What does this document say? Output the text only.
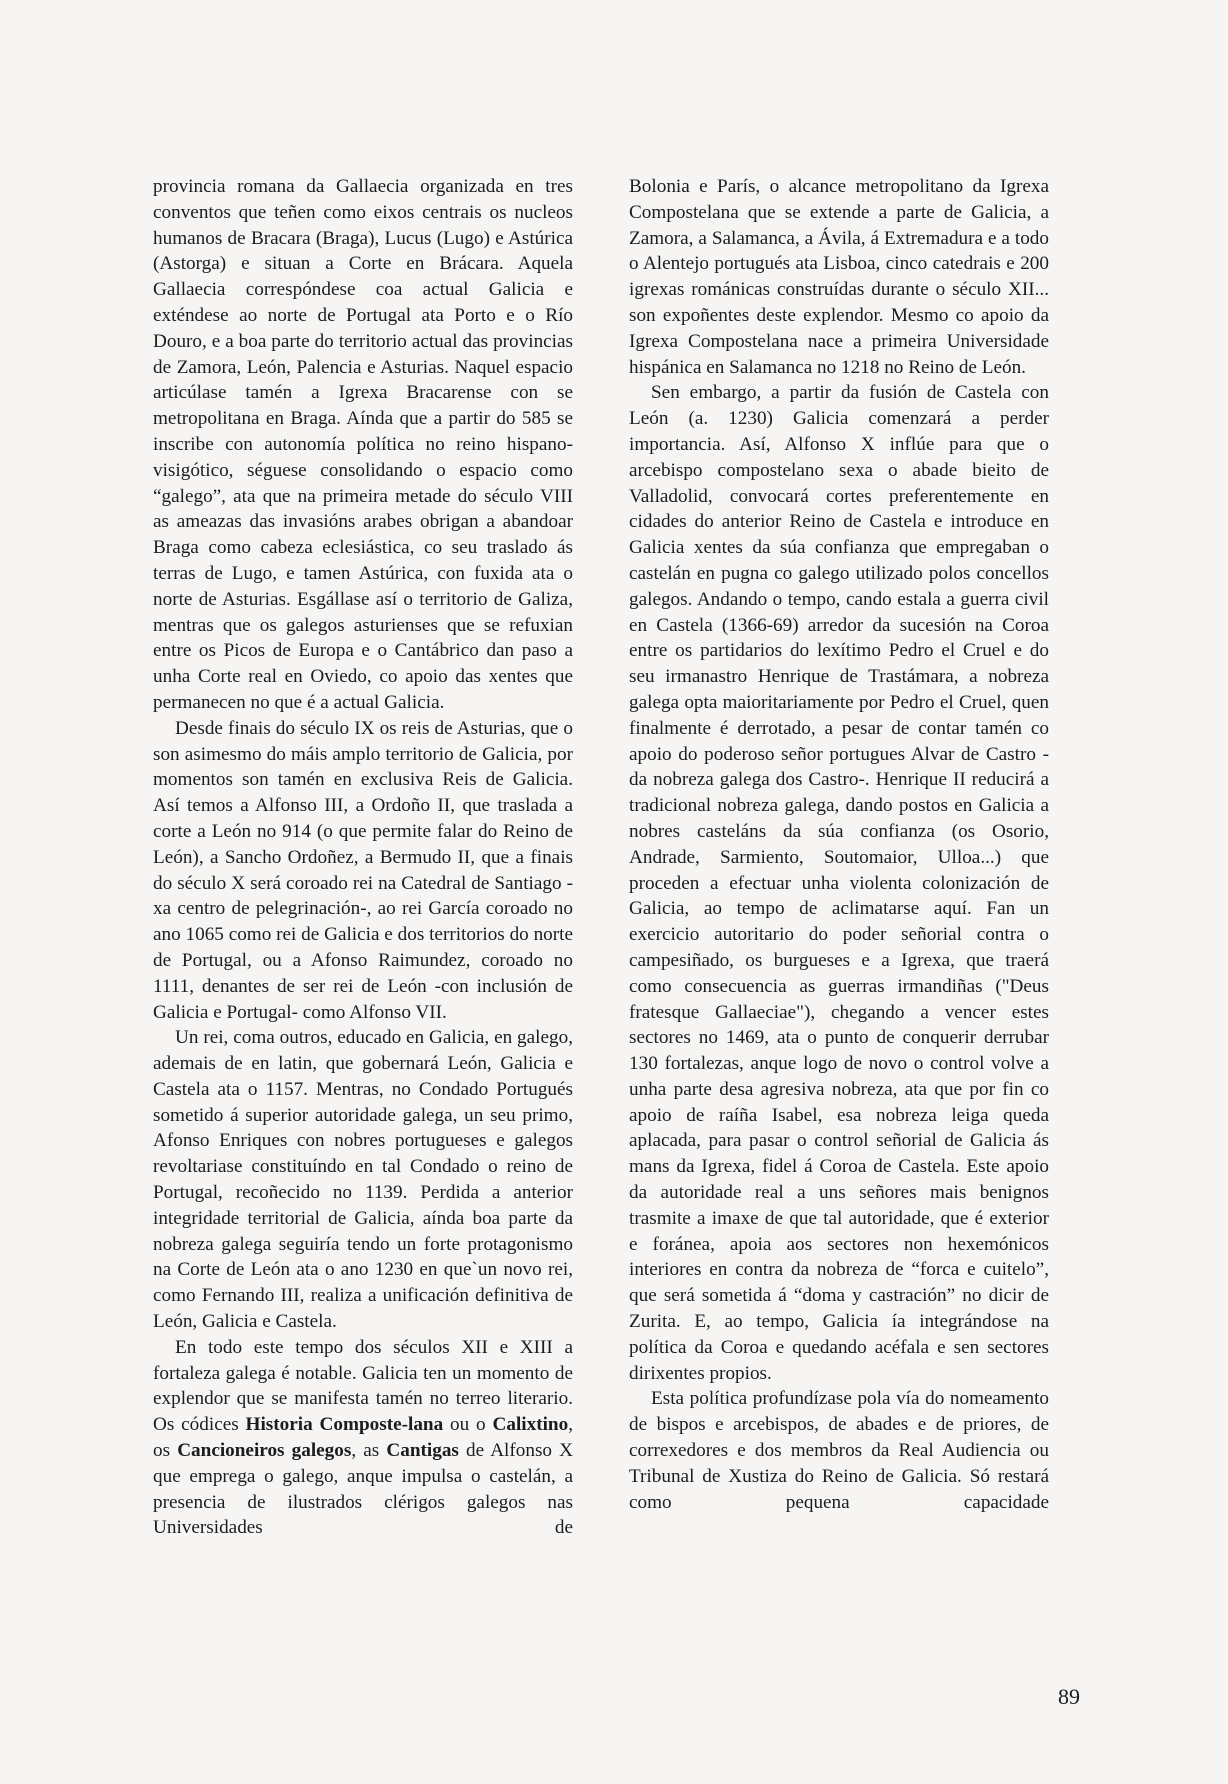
provincia romana da Gallaecia organizada en tres conventos que teñen como eixos centrais os nucleos humanos de Bracara (Braga), Lucus (Lugo) e Astúrica (Astorga) e situan a Corte en Brácara. Aquela Gallaecia correspóndese coa actual Galicia e exténdese ao norte de Portugal ata Porto e o Río Douro, e a boa parte do territorio actual das provincias de Zamora, León, Palencia e Asturias. Naquel espacio articúlase tamén a Igrexa Bracarense con se metropolitana en Braga. Aínda que a partir do 585 se inscribe con autonomía política no reino hispano-visigótico, séguese consolidando o espacio como “galego”, ata que na primeira metade do século VIII as ameazas das invasións arabes obrigan a abandoar Braga como cabeza eclesiástica, co seu traslado ás terras de Lugo, e tamen Astúrica, con fuxida ata o norte de Asturias. Esgállase así o territorio de Galiza, mentras que os galegos asturienses que se refuxian entre os Picos de Europa e o Cantábrico dan paso a unha Corte real en Oviedo, co apoio das xentes que permanecen no que é a actual Galicia.

Desde finais do século IX os reis de Asturias, que o son asimesmo do máis amplo territorio de Galicia, por momentos son tamén en exclusiva Reis de Galicia. Así temos a Alfonso III, a Ordoño II, que traslada a corte a León no 914 (o que permite falar do Reino de León), a Sancho Ordoñez, a Bermudo II, que a finais do século X será coroado rei na Catedral de Santiago -xa centro de pelegrinación-, ao rei García coroado no ano 1065 como rei de Galicia e dos territorios do norte de Portugal, ou a Afonso Raimundez, coroado no 1111, denantes de ser rei de León -con inclusión de Galicia e Portugal- como Alfonso VII.

Un rei, coma outros, educado en Galicia, en galego, ademais de en latin, que gobernará León, Galicia e Castela ata o 1157. Mentras, no Condado Portugués sometido á superior autoridade galega, un seu primo, Afonso Enriques con nobres portugueses e galegos revoltariase constituíndo en tal Condado o reino de Portugal, recoñecido no 1139. Perdida a anterior integridade territorial de Galicia, aínda boa parte da nobreza galega seguiría tendo un forte protagonismo na Corte de León ata o ano 1230 en que`un novo rei, como Fernando III, realiza a unificación definitiva de León, Galicia e Castela.

En todo este tempo dos séculos XII e XIII a fortaleza galega é notable. Galicia ten un momento de explendor que se manifesta tamén no terreo literario. Os códices Historia Composte-lana ou o Calixtino, os Cancioneiros galegos, as Cantigas de Alfonso X que emprega o galego, anque impulsa o castelán, a presencia de ilustrados clérigos galegos nas Universidades de

Bolonia e París, o alcance metropolitano da Igrexa Compostelana que se extende a parte de Galicia, a Zamora, a Salamanca, a Ávila, á Extremadura e a todo o Alentejo portugués ata Lisboa, cinco catedrais e 200 igrexas románicas construídas durante o século XII... son expoñentes deste explendor. Mesmo co apoio da Igrexa Compostelana nace a primeira Universidade hispánica en Salamanca no 1218 no Reino de León.

Sen embargo, a partir da fusión de Castela con León (a. 1230) Galicia comenzará a perder importancia. Así, Alfonso X inflúe para que o arcebispo compostelano sexa o abade bieito de Valladolid, convocará cortes preferentemente en cidades do anterior Reino de Castela e introduce en Galicia xentes da súa confianza que empregaban o castelán en pugna co galego utilizado polos concellos galegos. Andando o tempo, cando estala a guerra civil en Castela (1366-69) arredor da sucesión na Coroa entre os partidarios do lexítimo Pedro el Cruel e do seu irmanastro Henrique de Trastámara, a nobreza galega opta maioritariamente por Pedro el Cruel, quen finalmente é derrotado, a pesar de contar tamén co apoio do poderoso señor portugues Alvar de Castro -da nobreza galega dos Castro-. Henrique II reducirá a tradicional nobreza galega, dando postos en Galicia a nobres casteláns da súa confianza (os Osorio, Andrade, Sarmiento, Soutomaior, Ulloa...) que proceden a efectuar unha violenta colonización de Galicia, ao tempo de aclimatarse aquí. Fan un exercicio autoritario do poder señorial contra o campesiñado, os burgueses e a Igrexa, que traerá como consecuencia as guerras irmandiñas ("Deus fratesque Gallaeciae"), chegando a vencer estes sectores no 1469, ata o punto de conquerir derrubar 130 fortalezas, anque logo de novo o control volve a unha parte desa agresiva nobreza, ata que por fin co apoio de raíña Isabel, esa nobreza leiga queda aplacada, para pasar o control señorial de Galicia ás mans da Igrexa, fidel á Coroa de Castela. Este apoio da autoridade real a uns señores mais benignos trasmite a imaxe de que tal autoridade, que é exterior e foránea, apoia aos sectores non hexemónicos interiores en contra da nobreza de “forca e cuitelo”, que será sometida á “doma y castración” no dicir de Zurita. E, ao tempo, Galicia ía integrándose na política da Coroa e quedando acéfala e sen sectores dirixentes propios.

Esta política profundízase pola vía do nomeamento de bispos e arcebispos, de abades e de priores, de correxedores e dos membros da Real Audiencia ou Tribunal de Xustiza do Reino de Galicia. Só restará como pequena capacidade

89
